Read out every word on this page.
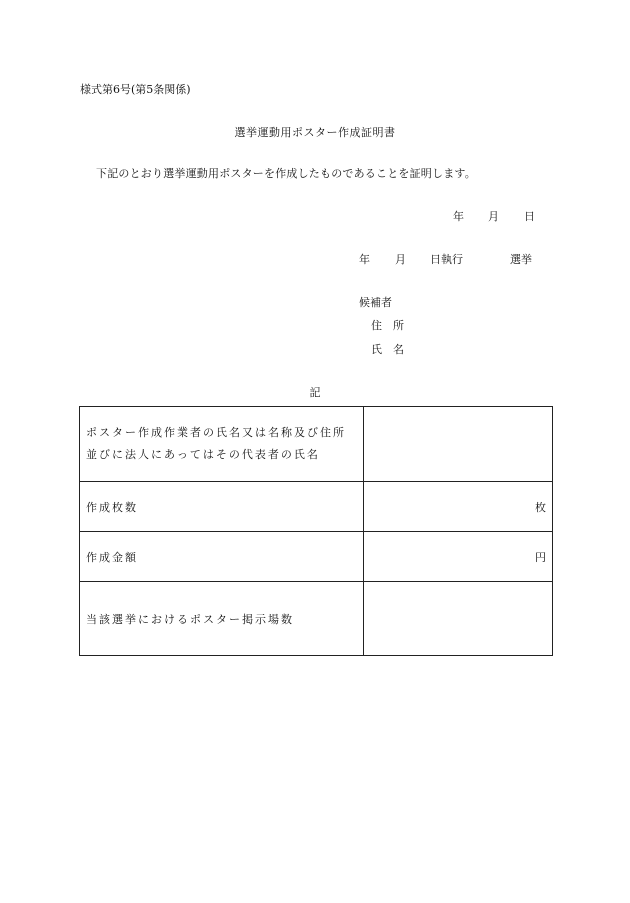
様式第6号(第5条関係)
選挙運動用ポスター作成証明書
下記のとおり選挙運動用ポスターを作成したものであることを証明します。
年 月 日
年 月 日執行	選挙
候補者
住　所
氏　名
記
ポスター作成作業者の氏名又は名称及び住所
並びに法人にあってはその代表者の氏名	

作成枚数	枚
作成金額	円
当該選挙におけるポスター掲示場数	
